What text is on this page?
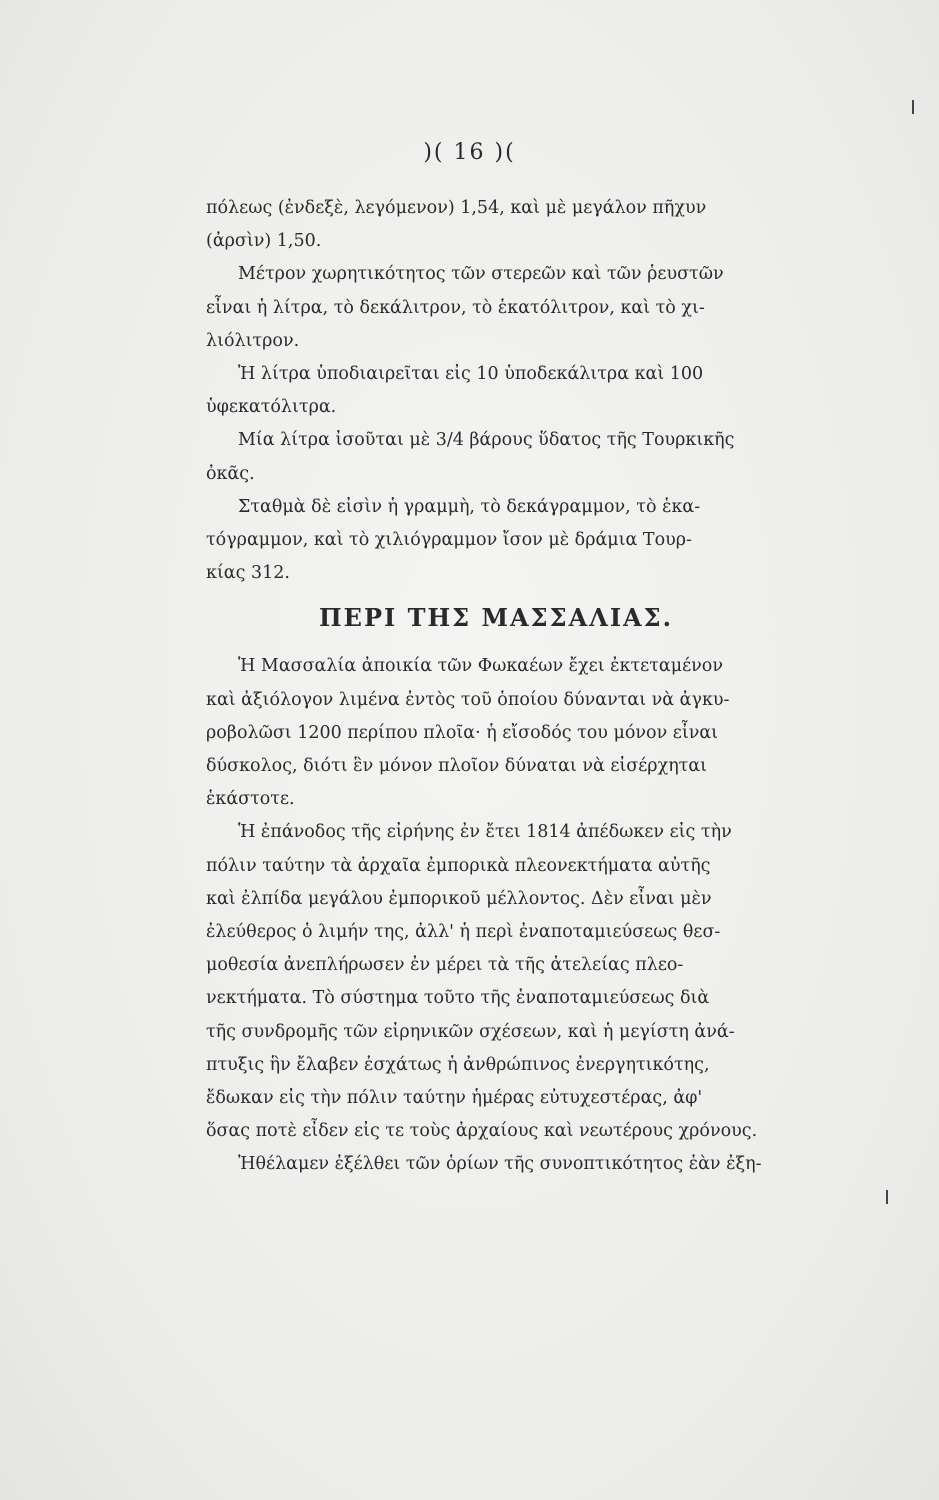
)( 16 )(
πόλεως (ἐνδεξὲ, λεγόμενον) 1,54, καὶ μὲ μεγάλον πῆχυν
(ἀρσὶν) 1,50.
Μέτρον χωρητικότητος τῶν στερεῶν καὶ τῶν ῥευστῶν
εἶναι ἡ λίτρα, τὸ δεκάλιτρον, τὸ ἑκατόλιτρον, καὶ τὸ χι-
λιόλιτρον.
Ἡ λίτρα ὑποδιαιρεῖται εἰς 10 ὑποδεκάλιτρα καὶ 100
ὑφεκατόλιτρα.
Μία λίτρα ἰσοῦται μὲ 3/4 βάρους ὕδατος τῆς Τουρκικῆς
ὀκᾶς.
Σταθμὰ δὲ εἰσὶν ἡ γραμμὴ, τὸ δεκάγραμμον, τὸ ἑκα-
τόγραμμον, καὶ τὸ χιλιόγραμμον ἴσον μὲ δράμια Τουρ-
κίας 312.
ΠΕΡΙ ΤΗΣ ΜΑΣΣΑΛΙΑΣ.
Ἡ Μασσαλία ἀποικία τῶν Φωκαέων ἔχει ἐκτεταμένον
καὶ ἀξιόλογον λιμένα ἐντὸς τοῦ ὁποίου δύνανται νὰ ἀγκυ-
ροβολῶσι 1200 περίπου πλοῖα· ἡ εἴσοδός του μόνον εἶναι
δύσκολος, διότι ἓν μόνον πλοῖον δύναται νὰ εἰσέρχηται
ἑκάστοτε.
Ἡ ἐπάνοδος τῆς εἰρήνης ἐν ἔτει 1814 ἀπέδωκεν εἰς τὴν
πόλιν ταύτην τὰ ἀρχαῖα ἐμπορικὰ πλεονεκτήματα αὐτῆς
καὶ ἐλπίδα μεγάλου ἐμπορικοῦ μέλλοντος. Δὲν εἶναι μὲν
ἐλεύθερος ὁ λιμήν της, ἀλλ' ἡ περὶ ἐναποταμιεύσεως θεσ-
μοθεσία ἀνεπλήρωσεν ἐν μέρει τὰ τῆς ἀτελείας πλεο-
νεκτήματα. Τὸ σύστημα τοῦτο τῆς ἐναποταμιεύσεως διὰ
τῆς συνδρομῆς τῶν εἰρηνικῶν σχέσεων, καὶ ἡ μεγίστη ἀνά-
πτυξις ἣν ἔλαβεν ἐσχάτως ἡ ἀνθρώπινος ἐνεργητικότης,
ἔδωκαν εἰς τὴν πόλιν ταύτην ἡμέρας εὐτυχεστέρας, ἀφ'
ὅσας ποτὲ εἶδεν εἰς τε τοὺς ἀρχαίους καὶ νεωτέρους χρόνους.
Ἠθέλαμεν ἐξέλθει τῶν ὁρίων τῆς συνοπτικότητος ἐὰν ἐξη-
